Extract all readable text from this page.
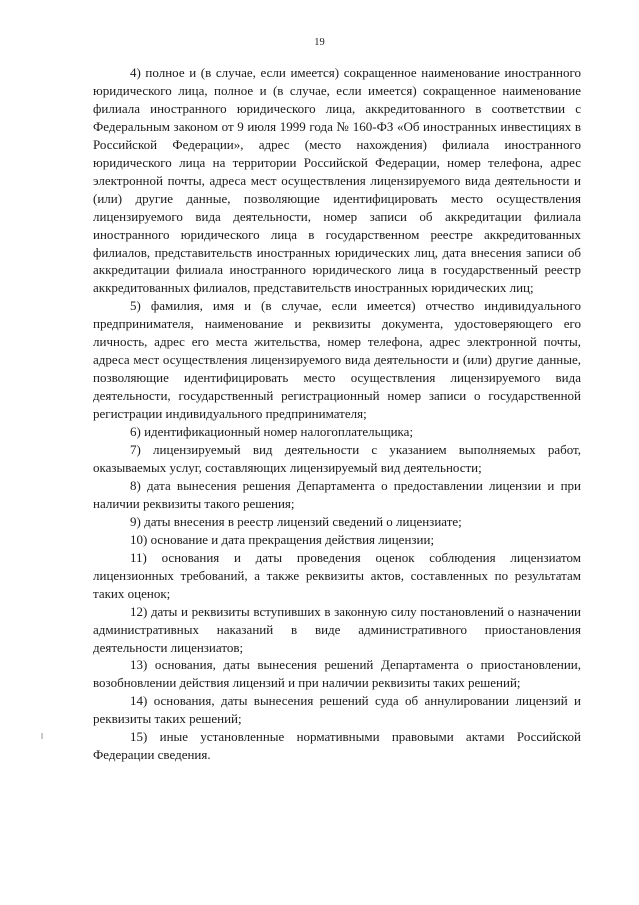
19

4) полное и (в случае, если имеется) сокращенное наименование иностранного юридического лица, полное и (в случае, если имеется) сокращенное наименование филиала иностранного юридического лица, аккредитованного в соответствии с Федеральным законом от 9 июля 1999 года № 160-ФЗ «Об иностранных инвестициях в Российской Федерации», адрес (место нахождения) филиала иностранного юридического лица на территории Российской Федерации, номер телефона, адрес электронной почты, адреса мест осуществления лицензируемого вида деятельности и (или) другие данные, позволяющие идентифицировать место осуществления лицензируемого вида деятельности, номер записи об аккредитации филиала иностранного юридического лица в государственном реестре аккредитованных филиалов, представительств иностранных юридических лиц, дата внесения записи об аккредитации филиала иностранного юридического лица в государственный реестр аккредитованных филиалов, представительств иностранных юридических лиц;

5) фамилия, имя и (в случае, если имеется) отчество индивидуального предпринимателя, наименование и реквизиты документа, удостоверяющего его личность, адрес его места жительства, номер телефона, адрес электронной почты, адреса мест осуществления лицензируемого вида деятельности и (или) другие данные, позволяющие идентифицировать место осуществления лицензируемого вида деятельности, государственный регистрационный номер записи о государственной регистрации индивидуального предпринимателя;

6) идентификационный номер налогоплательщика;

7) лицензируемый вид деятельности с указанием выполняемых работ, оказываемых услуг, составляющих лицензируемый вид деятельности;

8) дата вынесения решения Департамента о предоставлении лицензии и при наличии реквизиты такого решения;

9) даты внесения в реестр лицензий сведений о лицензиате;

10) основание и дата прекращения действия лицензии;

11) основания и даты проведения оценок соблюдения лицензиатом лицензионных требований, а также реквизиты актов, составленных по результатам таких оценок;

12) даты и реквизиты вступивших в законную силу постановлений о назначении административных наказаний в виде административного приостановления деятельности лицензиатов;

13) основания, даты вынесения решений Департамента о приостановлении, возобновлении действия лицензий и при наличии реквизиты таких решений;

14) основания, даты вынесения решений суда об аннулировании лицензий и реквизиты таких решений;

15) иные установленные нормативными правовыми актами Российской Федерации сведения.
